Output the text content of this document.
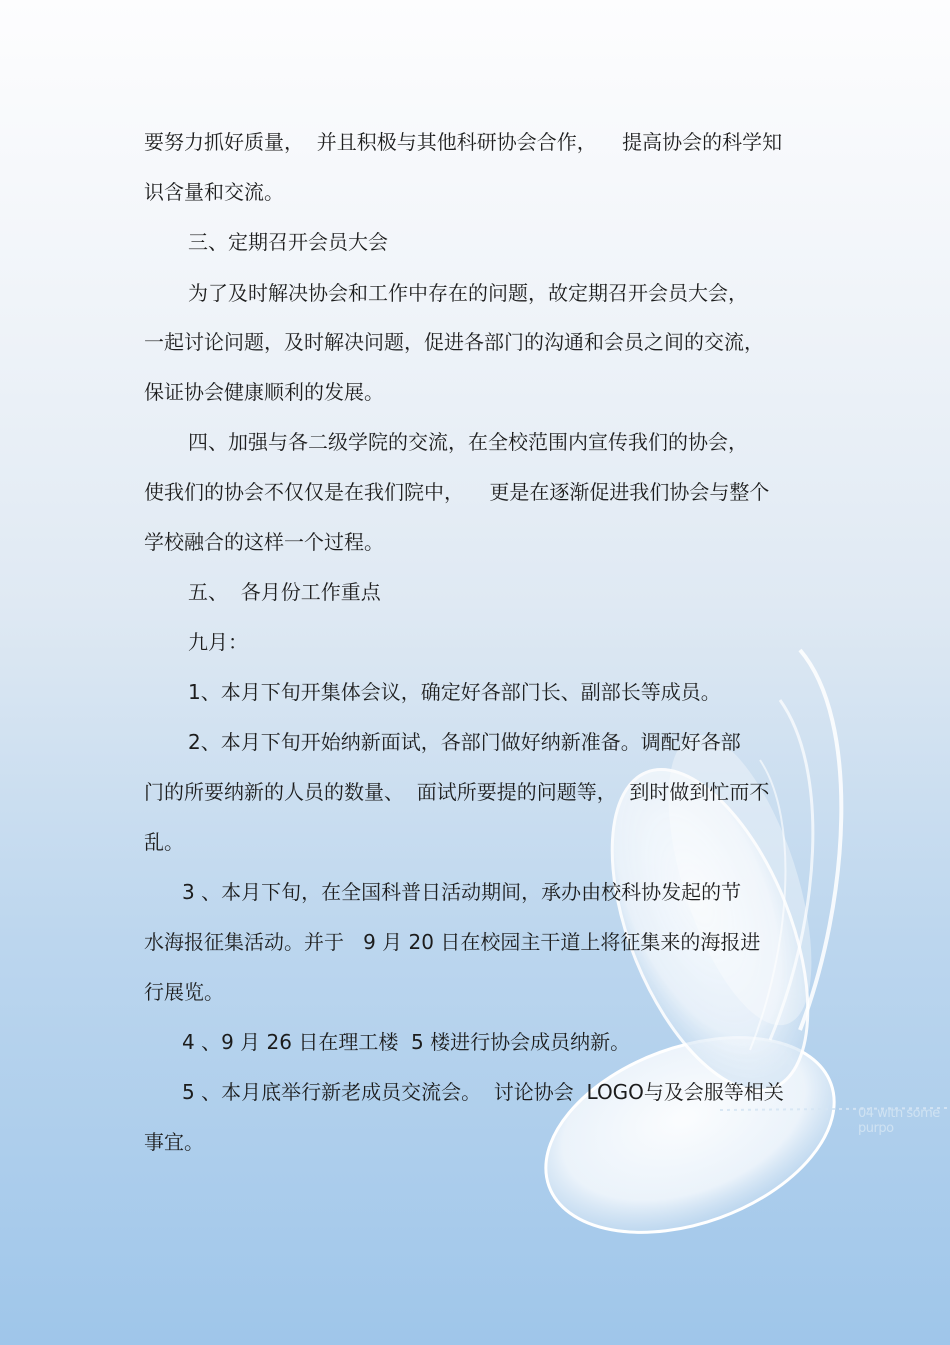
要努力抓好质量，  并且积极与其他科研协会合作，    提高协会的科学知

识含量和交流。

三、定期召开会员大会

为了及时解决协会和工作中存在的问题，故定期召开会员大会，

一起讨论问题，及时解决问题，促进各部门的沟通和会员之间的交流，

保证协会健康顺利的发展。

四、加强与各二级学院的交流，在全校范围内宣传我们的协会，

使我们的协会不仅仅是在我们院中，    更是在逐渐促进我们协会与整个

学校融合的这样一个过程。

五、  各月份工作重点

九月：

1、本月下旬开集体会议，确定好各部门长、副部长等成员。

2、本月下旬开始纳新面试，各部门做好纳新准备。调配好各部

门的所要纳新的人员的数量、  面试所要提的问题等，  到时做到忙而不

乱。

3 、本月下旬，在全国科普日活动期间，承办由校科协发起的节

水海报征集活动。并于   9 月 20 日在校园主干道上将征集来的海报进

行展览。

4 、9 月 26 日在理工楼  5 楼进行协会成员纳新。

5 、本月底举行新老成员交流会。  讨论协会  LOGO与及会服等相关

事宜。

04 with some purpo
